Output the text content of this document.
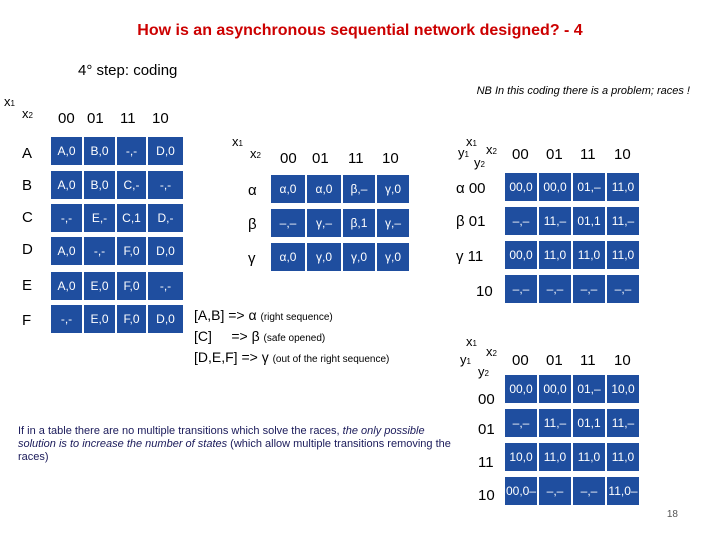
How is an asynchronous sequential network designed? - 4
4° step: coding
NB In this coding there is a problem; races !
x1
x2 00 01 11 10
A
B
C
D
E
F
A,0	B,0	-,-	D,0
A,0	B,0	C,-	-,-
-,-	E,-	C,1	D,-
A,0	-,-	F,0	D,0
A,0	E,0	F,0	-,-
-,-	E,0	F,0	D,0
x1
x2 00 01 11 10
α
β
γ
α,0	α,0	β,–	γ,0
–,–	γ,–	β,1	γ,–
α,0	γ,0	γ,0	γ,0
x1 x2
y1
y2
00 01 11 10
α 00
β 01
γ 11
10
00,0 00,0 01,– 11,0
–,–	11,– 01,1 11,–
00,0 11,0 11,0 11,0
–,–	–,–	–,–	–,–
[A,B] => α (right sequence)
[C] => β (safe opened)
[D,E,F] => γ (out of the right sequence)
x1
x2
y1
y2
00 01 11 10
00
01
11
10
00,0 00,0 01,– 10,0
–,–	11,– 01,1 11,–
10,0 11,0 11,0 11,0
00,0– –,–	–,– 11,0–
If in a table there are no multiple transitions which solve the races, the only possible solution is to increase the number of states (which allow multiple transitions removing the races)
18
